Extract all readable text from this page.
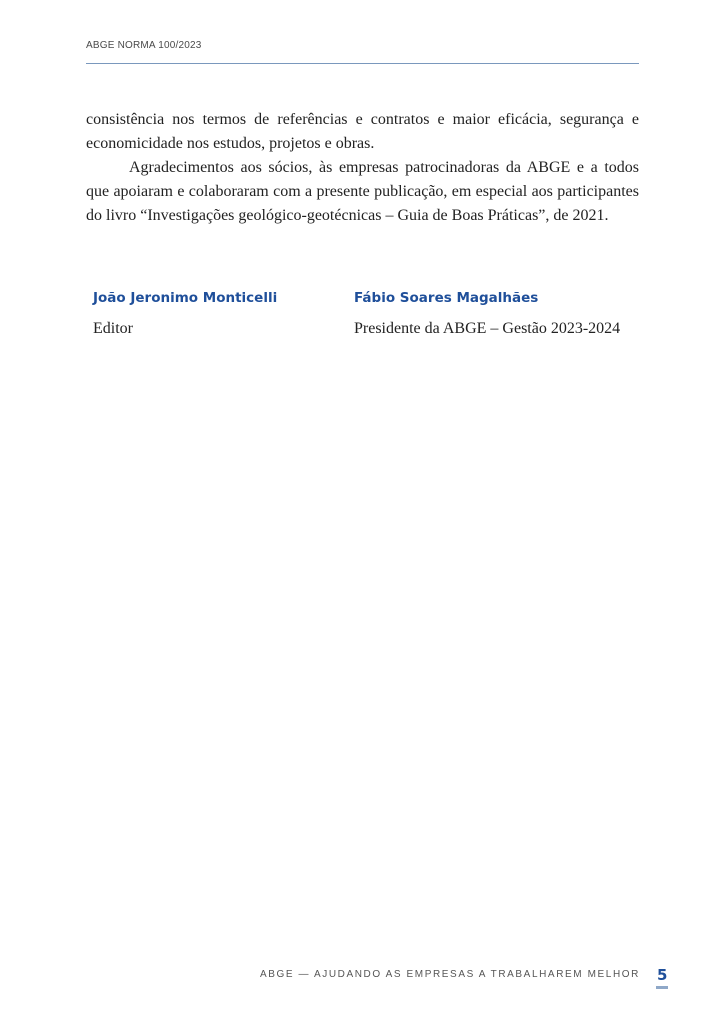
ABGE NORMA 100/2023

consistência nos termos de referências e contratos e maior eficácia, segurança e economicidade nos estudos, projetos e obras.

Agradecimentos aos sócios, às empresas patrocinadoras da ABGE e a todos que apoiaram e colaboraram com a presente publicação, em especial aos participantes do livro “Investigações geológico-geotécnicas – Guia de Boas Práticas”, de 2021.

João Jeronimo Monticelli
Editor
Fábio Soares Magalhães
Presidente da ABGE – Gestão 2023-2024
ABGE — AJUDANDO AS EMPRESAS A TRABALHAREM MELHOR 5
